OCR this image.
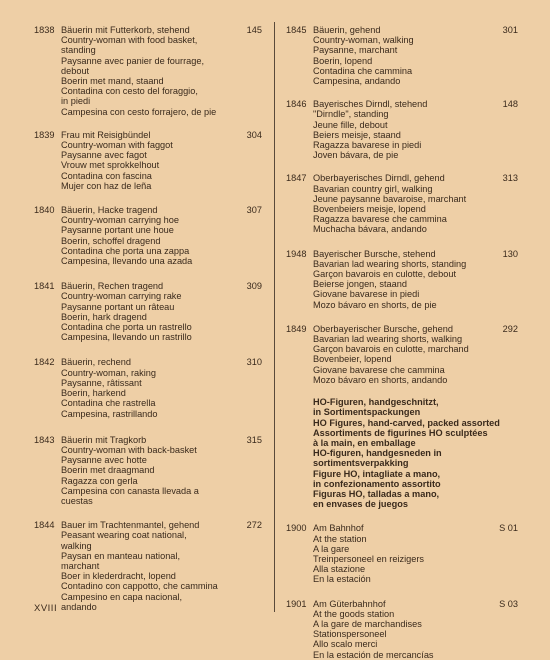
1838	145
Bäuerin mit Futterkorb, stehend
Country-woman with food basket,
standing
Paysanne avec panier de fourrage,
debout
Boerin met mand, staand
Contadina con cesto del foraggio,
in piedi
Campesina con cesto forrajero, de pie
1839	304
Frau mit Reisigbündel
Country-woman with faggot
Paysanne avec fagot
Vrouw met sprokkelhout
Contadina con fascina
Mujer con haz de leña
1840	307
Bäuerin, Hacke tragend
Country-woman carrying hoe
Paysanne portant une houe
Boerin, schoffel dragend
Contadina che porta una zappa
Campesina, llevando una azada
1841	309
Bäuerin, Rechen tragend
Country-woman carrying rake
Paysanne portant un râteau
Boerin, hark dragend
Contadina che porta un rastrello
Campesina, llevando un rastrillo
1842	310
Bäuerin, rechend
Country-woman, raking
Paysanne, râtissant
Boerin, harkend
Contadina che rastrella
Campesina, rastrillando
1843	315
Bäuerin mit Tragkorb
Country-woman with back-basket
Paysanne avec hotte
Boerin met draagmand
Ragazza con gerla
Campesina con canasta llevada a
cuestas
1844	272
Bauer im Trachtenmantel, gehend
Peasant wearing coat national,
walking
Paysan en manteau national,
marchant
Boer in klederdracht, lopend
Contadino con cappotto, che cammina
Campesino en capa nacional,
andando
1845	301
Bäuerin, gehend
Country-woman, walking
Paysanne, marchant
Boerin, lopend
Contadina che cammina
Campesina, andando
1846	148
Bayerisches Dirndl, stehend
"Dirndle", standing
Jeune fille, debout
Beiers meisje, staand
Ragazza bavarese in piedi
Joven bávara, de pie
1847	313
Oberbayerisches Dirndl, gehend
Bavarian country girl, walking
Jeune paysanne bavaroise, marchant
Bovenbeiers meisje, lopend
Ragazza bavarese che cammina
Muchacha bávara, andando
1948	130
Bayerischer Bursche, stehend
Bavarian lad wearing shorts, standing
Garçon bavarois en culotte, debout
Beierse jongen, staand
Giovane bavarese in piedi
Mozo bávaro en shorts, de pie
1849	292
Oberbayerischer Bursche, gehend
Bavarian lad wearing shorts, walking
Garçon bavarois en culotte, marchand
Bovenbeier, lopend
Giovane bavarese che cammina
Mozo bávaro en shorts, andando
HO-Figuren, handgeschnitzt,
in Sortimentspackungen
HO Figures, hand-carved, packed assorted
Assortiments de figurines HO sculptées
à la main, en emballage
HO-figuren, handgesneden in
sortimentsverpakking
Figure HO, intagliate a mano,
in confezionamento assortito
Figuras HO, talladas a mano,
en envases de juegos
1900	S 01
Am Bahnhof
At the station
A la gare
Treinpersoneel en reizigers
Alla stazione
En la estación
1901	S 03
Am Güterbahnhof
At the goods station
A la gare de marchandises
Stationspersoneel
Allo scalo merci
En la estación de mercancías
XVIII
